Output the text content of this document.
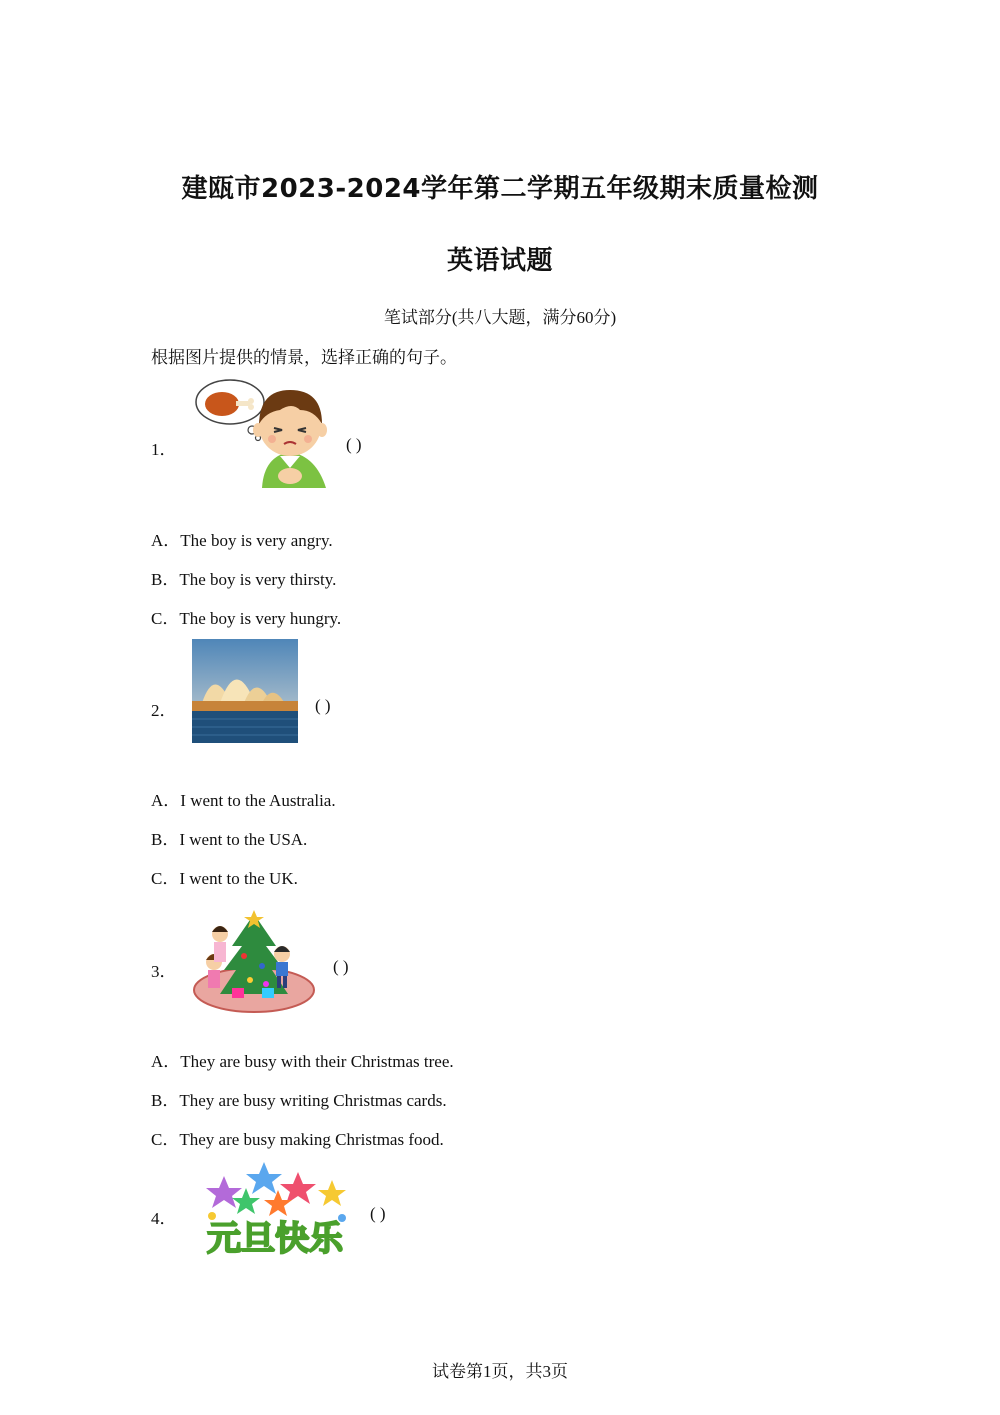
建瓯市2023-2024学年第二学期五年级期末质量检测
英语试题
笔试部分(共八大题，满分60分)
根据图片提供的情景，选择正确的句子。
1．	( )
A．The boy is very angry.
B．The boy is very thirsty.
C．The boy is very hungry.
2．	( )
A．I went to the Australia.
B．I went to the USA.
C．I went to the UK.
3．	( )
A．They are busy with their Christmas tree.
B．They are busy writing Christmas cards.
C．They are busy making Christmas food.
4．
元旦快乐
( )
试卷第1页，共3页
